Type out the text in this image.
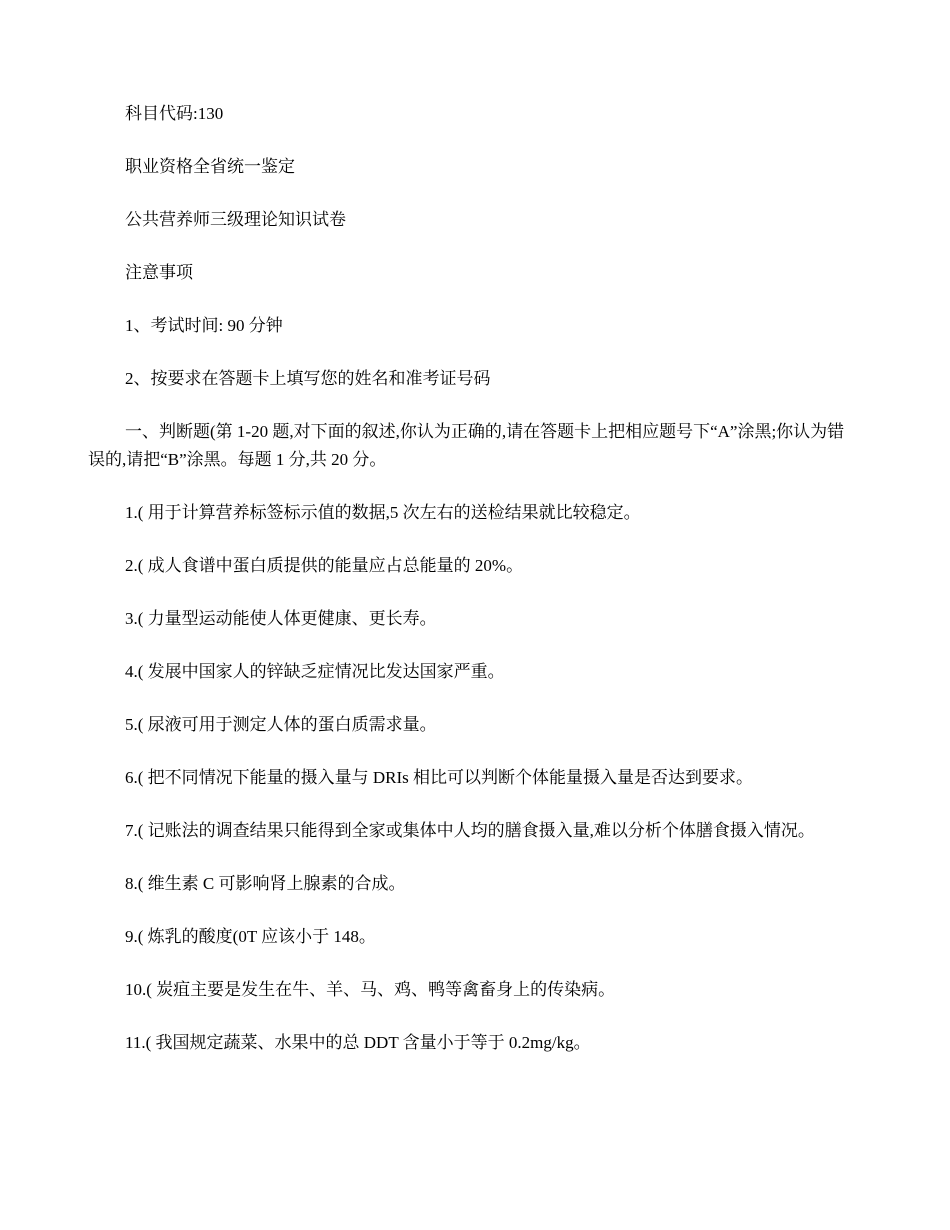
科目代码:130

职业资格全省统一鉴定

公共营养师三级理论知识试卷

注意事项

1、考试时间: 90 分钟

2、按要求在答题卡上填写您的姓名和准考证号码

一、判断题(第 1-20 题,对下面的叙述,你认为正确的,请在答题卡上把相应题号下“A”涂黑;你认为错误的,请把“B”涂黑。每题 1 分,共 20 分。

1.( 用于计算营养标签标示值的数据,5 次左右的送检结果就比较稳定。

2.( 成人食谱中蛋白质提供的能量应占总能量的 20%。

3.( 力量型运动能使人体更健康、更长寿。

4.( 发展中国家人的锌缺乏症情况比发达国家严重。

5.( 尿液可用于测定人体的蛋白质需求量。

6.( 把不同情况下能量的摄入量与 DRIs 相比可以判断个体能量摄入量是否达到要求。

7.( 记账法的调查结果只能得到全家或集体中人均的膳食摄入量,难以分析个体膳食摄入情况。

8.( 维生素 C 可影响肾上腺素的合成。

9.( 炼乳的酸度(0T 应该小于 148。

10.( 炭疽主要是发生在牛、羊、马、鸡、鸭等禽畜身上的传染病。

11.( 我国规定蔬菜、水果中的总 DDT 含量小于等于 0.2mg/kg。
